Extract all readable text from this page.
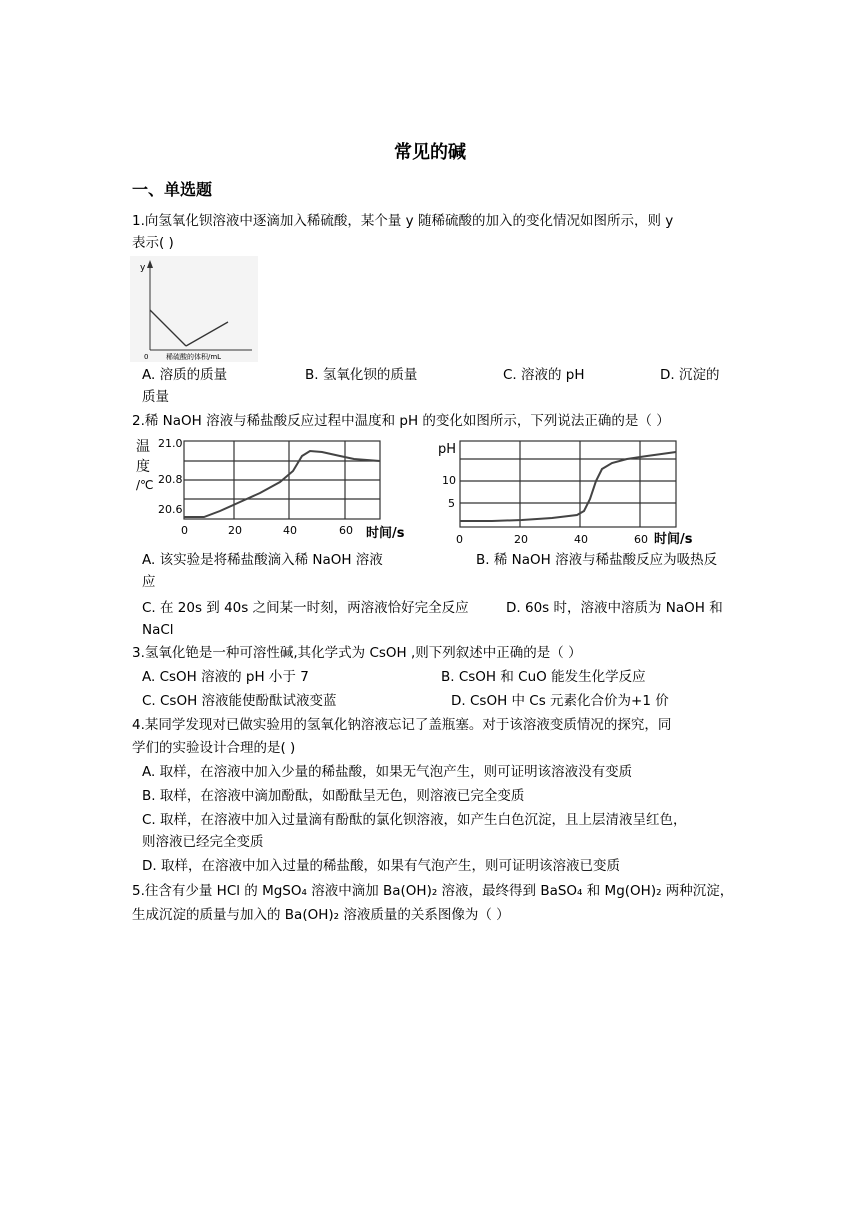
常见的碱
一、单选题
1.向氢氧化钡溶液中逐滴加入稀硫酸，某个量 y 随稀硫酸的加入的变化情况如图所示，则 y
表示( )
y
0	稀硫酸的体积/mL
A. 溶质的质量	B. 氢氧化钡的质量	C. 溶液的 pH	D. 沉淀的
质量
2.稀 NaOH 溶液与稀盐酸反应过程中温度和 pH 的变化如图所示，下列说法正确的是（ ）
温
度
/℃
21.0
20.8
20.6
0	20	40	60 时间/s
pH
10
5
0	20	40	60 时间/s
A. 该实验是将稀盐酸滴入稀 NaOH 溶液	B. 稀 NaOH 溶液与稀盐酸反应为吸热反
应
C. 在 20s 到 40s 之间某一时刻，两溶液恰好完全反应	D. 60s 时，溶液中溶质为 NaOH 和
NaCl
3.氢氧化铯是一种可溶性碱,其化学式为 CsOH ,则下列叙述中正确的是（ ）
A. CsOH 溶液的 pH 小于 7	B. CsOH 和 CuO 能发生化学反应
C. CsOH 溶液能使酚酞试液变蓝	D. CsOH 中 Cs 元素化合价为+1 价
4.某同学发现对已做实验用的氢氧化钠溶液忘记了盖瓶塞。对于该溶液变质情况的探究，同
学们的实验设计合理的是( )
A. 取样，在溶液中加入少量的稀盐酸，如果无气泡产生，则可证明该溶液没有变质
B. 取样，在溶液中滴加酚酞，如酚酞呈无色，则溶液已完全变质
C. 取样，在溶液中加入过量滴有酚酞的氯化钡溶液，如产生白色沉淀，且上层清液呈红色，
则溶液已经完全变质
D. 取样，在溶液中加入过量的稀盐酸，如果有气泡产生，则可证明该溶液已变质
5.往含有少量 HCl 的 MgSO₄ 溶液中滴加 Ba(OH)₂ 溶液，最终得到 BaSO₄ 和 Mg(OH)₂ 两种沉淀，
生成沉淀的质量与加入的 Ba(OH)₂ 溶液质量的关系图像为（ ）
